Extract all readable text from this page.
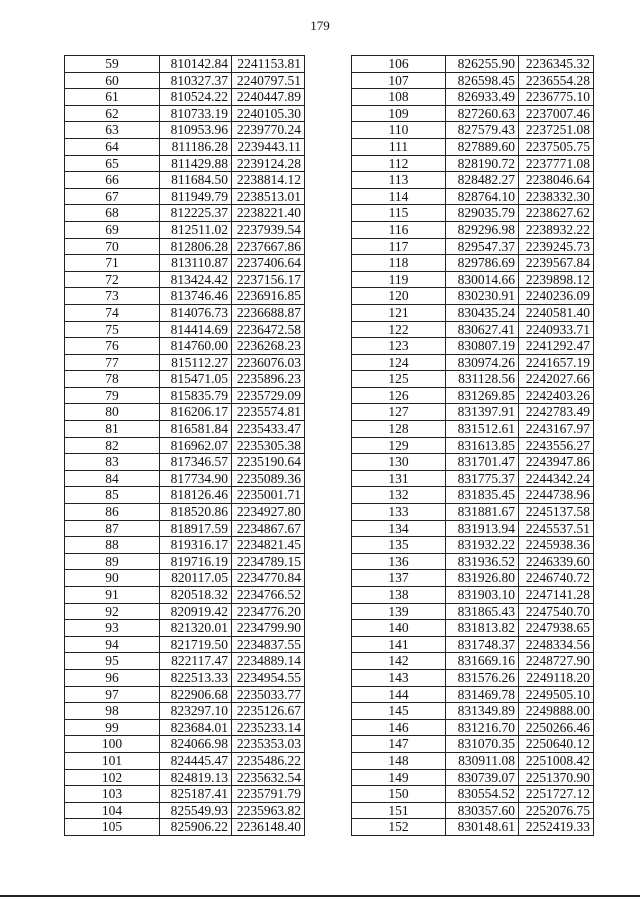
179
59	810142.84	2241153.81
60	810327.37	2240797.51
61	810524.22	2240447.89
62	810733.19	2240105.30
63	810953.96	2239770.24
64	811186.28	2239443.11
65	811429.88	2239124.28
66	811684.50	2238814.12
67	811949.79	2238513.01
68	812225.37	2238221.40
69	812511.02	2237939.54
70	812806.28	2237667.86
71	813110.87	2237406.64
72	813424.42	2237156.17
73	813746.46	2236916.85
74	814076.73	2236688.87
75	814414.69	2236472.58
76	814760.00	2236268.23
77	815112.27	2236076.03
78	815471.05	2235896.23
79	815835.79	2235729.09
80	816206.17	2235574.81
81	816581.84	2235433.47
82	816962.07	2235305.38
83	817346.57	2235190.64
84	817734.90	2235089.36
85	818126.46	2235001.71
86	818520.86	2234927.80
87	818917.59	2234867.67
88	819316.17	2234821.45
89	819716.19	2234789.15
90	820117.05	2234770.84
91	820518.32	2234766.52
92	820919.42	2234776.20
93	821320.01	2234799.90
94	821719.50	2234837.55
95	822117.47	2234889.14
96	822513.33	2234954.55
97	822906.68	2235033.77
98	823297.10	2235126.67
99	823684.01	2235233.14
100	824066.98	2235353.03
101	824445.47	2235486.22
102	824819.13	2235632.54
103	825187.41	2235791.79
104	825549.93	2235963.82
105	825906.22	2236148.40
106	826255.90	2236345.32
107	826598.45	2236554.28
108	826933.49	2236775.10
109	827260.63	2237007.46
110	827579.43	2237251.08
111	827889.60	2237505.75
112	828190.72	2237771.08
113	828482.27	2238046.64
114	828764.10	2238332.30
115	829035.79	2238627.62
116	829296.98	2238932.22
117	829547.37	2239245.73
118	829786.69	2239567.84
119	830014.66	2239898.12
120	830230.91	2240236.09
121	830435.24	2240581.40
122	830627.41	2240933.71
123	830807.19	2241292.47
124	830974.26	2241657.19
125	831128.56	2242027.66
126	831269.85	2242403.26
127	831397.91	2242783.49
128	831512.61	2243167.97
129	831613.85	2243556.27
130	831701.47	2243947.86
131	831775.37	2244342.24
132	831835.45	2244738.96
133	831881.67	2245137.58
134	831913.94	2245537.51
135	831932.22	2245938.36
136	831936.52	2246339.60
137	831926.80	2246740.72
138	831903.10	2247141.28
139	831865.43	2247540.70
140	831813.82	2247938.65
141	831748.37	2248334.56
142	831669.16	2248727.90
143	831576.26	2249118.20
144	831469.78	2249505.10
145	831349.89	2249888.00
146	831216.70	2250266.46
147	831070.35	2250640.12
148	830911.08	2251008.42
149	830739.07	2251370.90
150	830554.52	2251727.12
151	830357.60	2252076.75
152	830148.61	2252419.33
